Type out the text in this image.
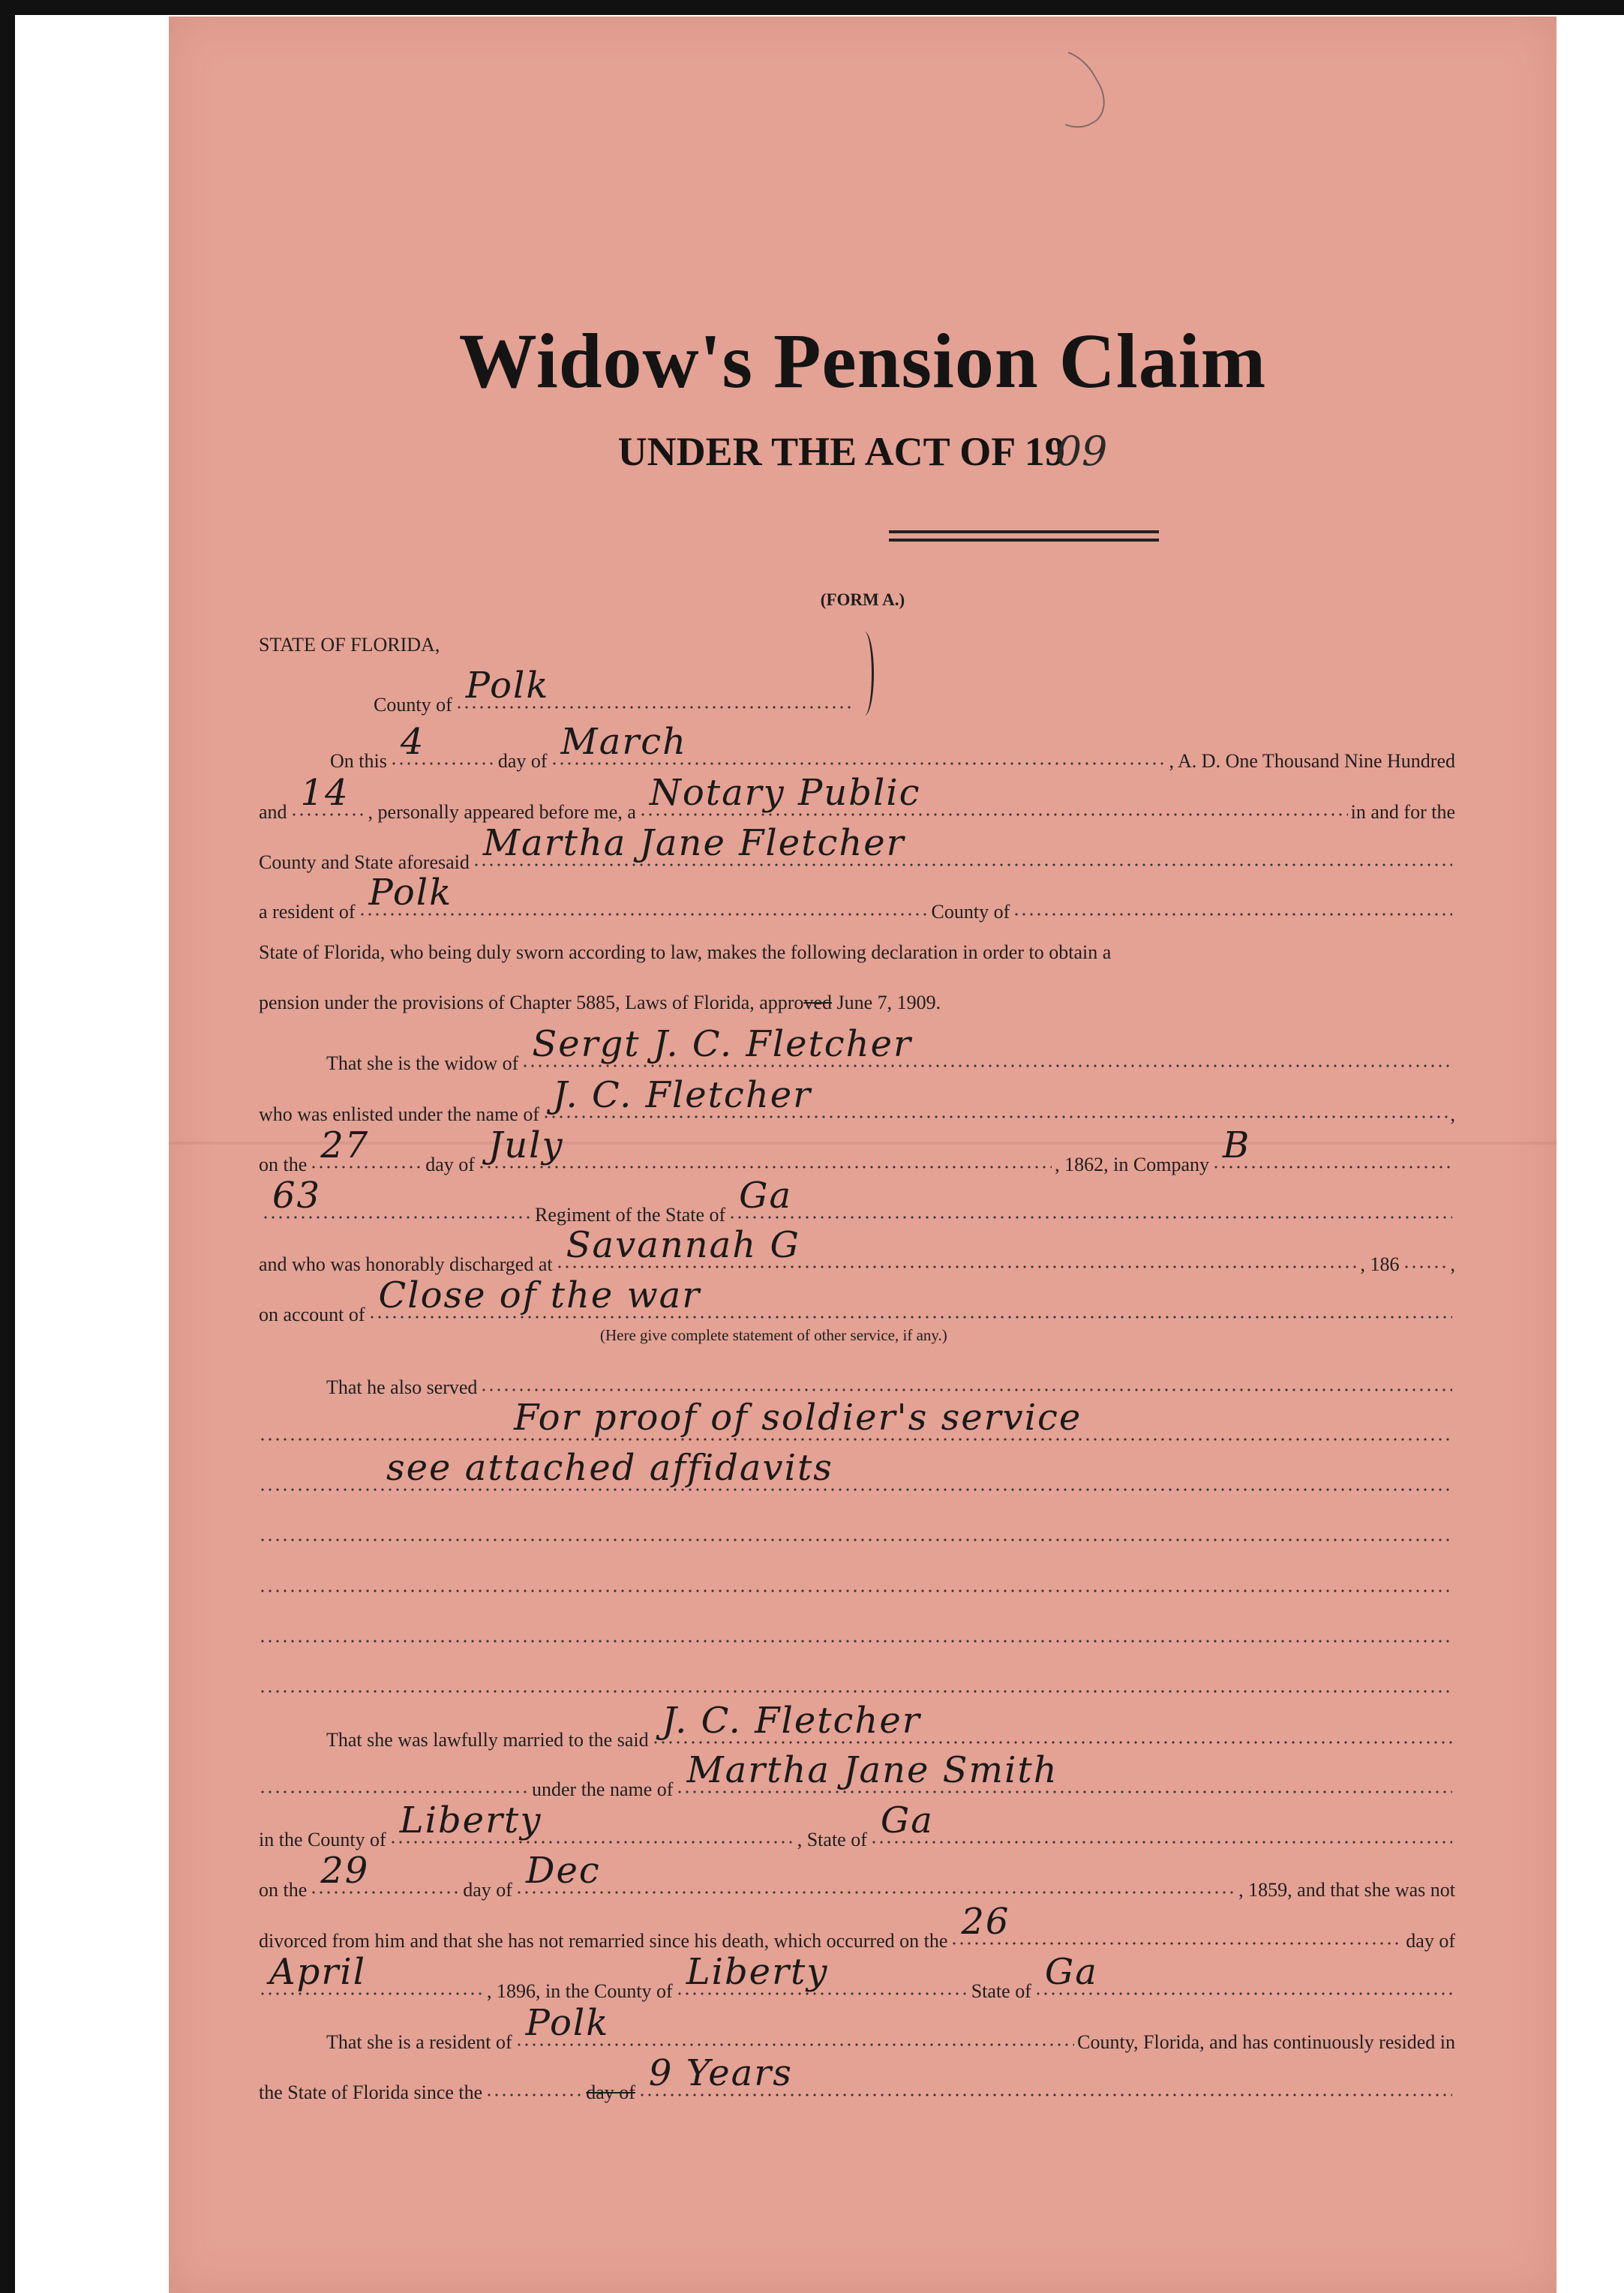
Widow's Pension Claim
UNDER THE ACT OF 1909
(FORM A.)
STATE OF FLORIDA,
County of Polk
On this 4	day of March	, A. D. One Thousand Nine Hundred
and 14 , personally appeared before me, a Notary Public	in and for the
County and State aforesaid Martha Jane Fletcher
a resident of Polk	County of
State of Florida, who being duly sworn according to law, makes the following declaration in order to obtain a
pension under the provisions of Chapter 5885, Laws of Florida, approved June 7, 1909.
That she is the widow of Sergt J. C. Fletcher
who was enlisted under the name of J. C. Fletcher	,
on the 27	day of July	, 186 2 , in Company B
63	Regiment of the State of Ga
and who was honorably discharged at Savannah G	, 186	,
on account of Close of the war
(Here give complete statement of other service, if any.)
That he also served
For proof of soldier's service
see attached affidavits
That she was lawfully married to the said J. C. Fletcher
under the name of Martha Jane Smith
in the County of Liberty	, State of Ga
on the 29	day of Dec	, 18 59 , and that she was not
divorced from him and that she has not remarried since his death, which occurred on the 26	day of
April	, 18 96 , in the County of Liberty	State of Ga
That she is a resident of Polk	County, Florida, and has continuously resided in
the State of Florida since the	day of 9 Years
